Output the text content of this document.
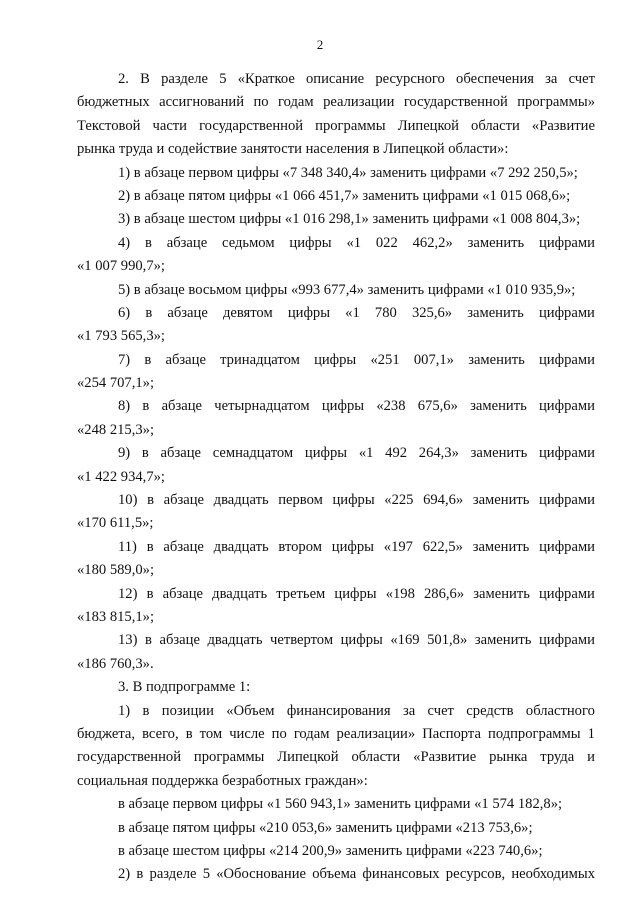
2
2. В разделе 5 «Краткое описание ресурсного обеспечения за счет
бюджетных ассигнований по годам реализации государственной программы»
Текстовой части государственной программы Липецкой области «Развитие
рынка труда и содействие занятости населения в Липецкой области»:
1) в абзаце первом цифры «7 348 340,4» заменить цифрами «7 292 250,5»;
2) в абзаце пятом цифры «1 066 451,7» заменить цифрами «1 015 068,6»;
3) в абзаце шестом цифры «1 016 298,1» заменить цифрами «1 008 804,3»;
4) в абзаце седьмом цифры «1 022 462,2» заменить цифрами
«1 007 990,7»;
5) в абзаце восьмом цифры «993 677,4» заменить цифрами «1 010 935,9»;
6) в абзаце девятом цифры «1 780 325,6» заменить цифрами
«1 793 565,3»;
7) в абзаце тринадцатом цифры «251 007,1» заменить цифрами
«254 707,1»;
8) в абзаце четырнадцатом цифры «238 675,6» заменить цифрами
«248 215,3»;
9) в абзаце семнадцатом цифры «1 492 264,3» заменить цифрами
«1 422 934,7»;
10) в абзаце двадцать первом цифры «225 694,6» заменить цифрами
«170 611,5»;
11) в абзаце двадцать втором цифры «197 622,5» заменить цифрами
«180 589,0»;
12) в абзаце двадцать третьем цифры «198 286,6» заменить цифрами
«183 815,1»;
13) в абзаце двадцать четвертом цифры «169 501,8» заменить цифрами
«186 760,3».
3. В подпрограмме 1:
1) в позиции «Объем финансирования за счет средств областного
бюджета, всего, в том числе по годам реализации» Паспорта подпрограммы 1
государственной программы Липецкой области «Развитие рынка труда и
социальная поддержка безработных граждан»:
в абзаце первом цифры «1 560 943,1» заменить цифрами «1 574 182,8»;
в абзаце пятом цифры «210 053,6» заменить цифрами «213 753,6»;
в абзаце шестом цифры «214 200,9» заменить цифрами «223 740,6»;
2) в разделе 5 «Обоснование объема финансовых ресурсов, необходимых
